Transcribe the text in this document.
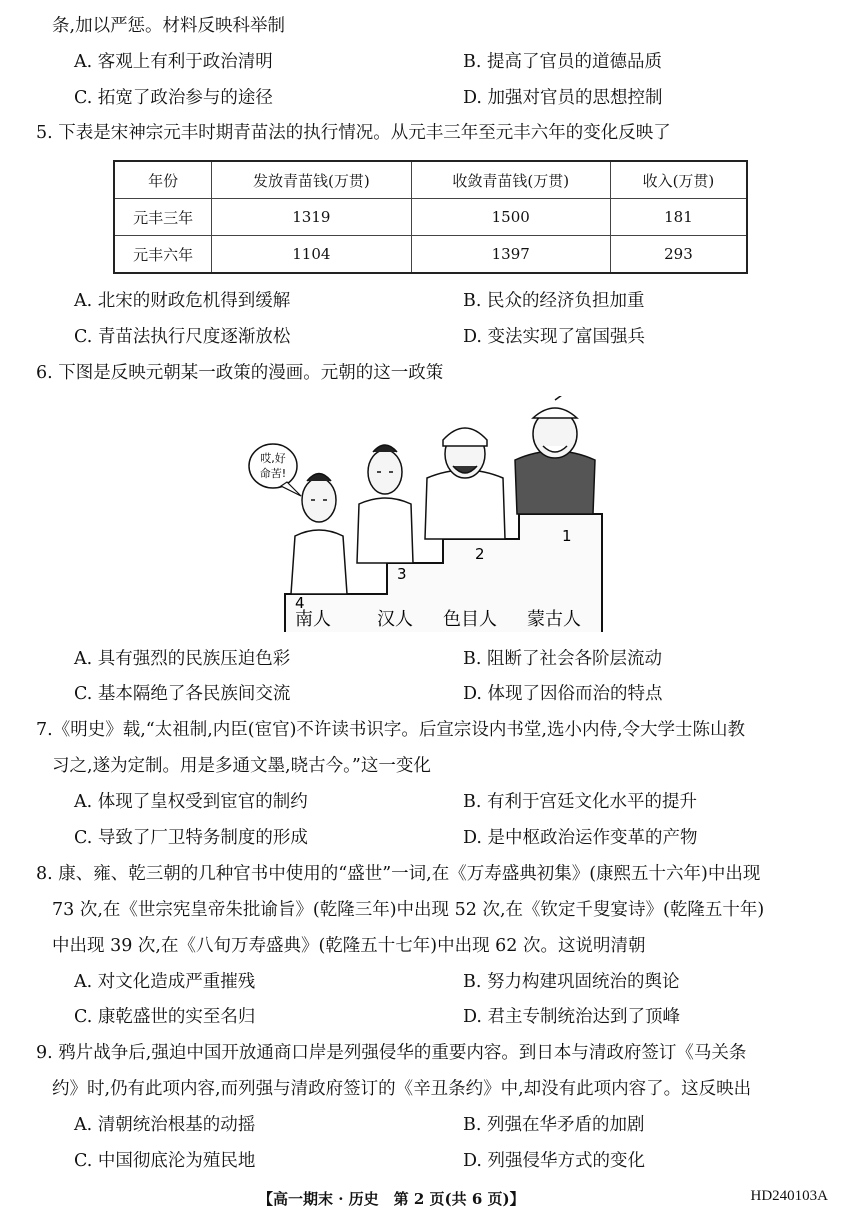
条,加以严惩。材料反映科举制
A. 客观上有利于政治清明	B. 提高了官员的道德品质
C. 拓宽了政治参与的途径	D. 加强对官员的思想控制
5. 下表是宋神宗元丰时期青苗法的执行情况。从元丰三年至元丰六年的变化反映了
年份	发放青苗钱(万贯)	收敛青苗钱(万贯)	收入(万贯)
元丰三年	1319	1500	181
元丰六年	1104	1397	293
A. 北宋的财政危机得到缓解	B. 民众的经济负担加重
C. 青苗法执行尺度逐渐放松	D. 变法实现了富国强兵
6. 下图是反映元朝某一政策的漫画。元朝的这一政策
哎,好
命苦!
1
2
3
4
南人	汉人 色目人 蒙古人
A. 具有强烈的民族压迫色彩	B. 阻断了社会各阶层流动
C. 基本隔绝了各民族间交流	D. 体现了因俗而治的特点
7.《明史》载,“太祖制,内臣(宦官)不许读书识字。后宣宗设内书堂,选小内侍,令大学士陈山教
习之,遂为定制。用是多通文墨,晓古今。”这一变化
A. 体现了皇权受到宦官的制约	B. 有利于宫廷文化水平的提升
C. 导致了厂卫特务制度的形成	D. 是中枢政治运作变革的产物
8. 康、雍、乾三朝的几种官书中使用的“盛世”一词,在《万寿盛典初集》(康熙五十六年)中出现
73 次,在《世宗宪皇帝朱批谕旨》(乾隆三年)中出现 52 次,在《钦定千叟宴诗》(乾隆五十年)
中出现 39 次,在《八旬万寿盛典》(乾隆五十七年)中出现 62 次。这说明清朝
A. 对文化造成严重摧残	B. 努力构建巩固统治的舆论
C. 康乾盛世的实至名归	D. 君主专制统治达到了顶峰
9. 鸦片战争后,强迫中国开放通商口岸是列强侵华的重要内容。到日本与清政府签订《马关条
约》时,仍有此项内容,而列强与清政府签订的《辛丑条约》中,却没有此项内容了。这反映出
A. 清朝统治根基的动摇	B. 列强在华矛盾的加剧
C. 中国彻底沦为殖民地	D. 列强侵华方式的变化
【高一期末 · 历史　第 2 页(共 6 页)】	HD240103A
